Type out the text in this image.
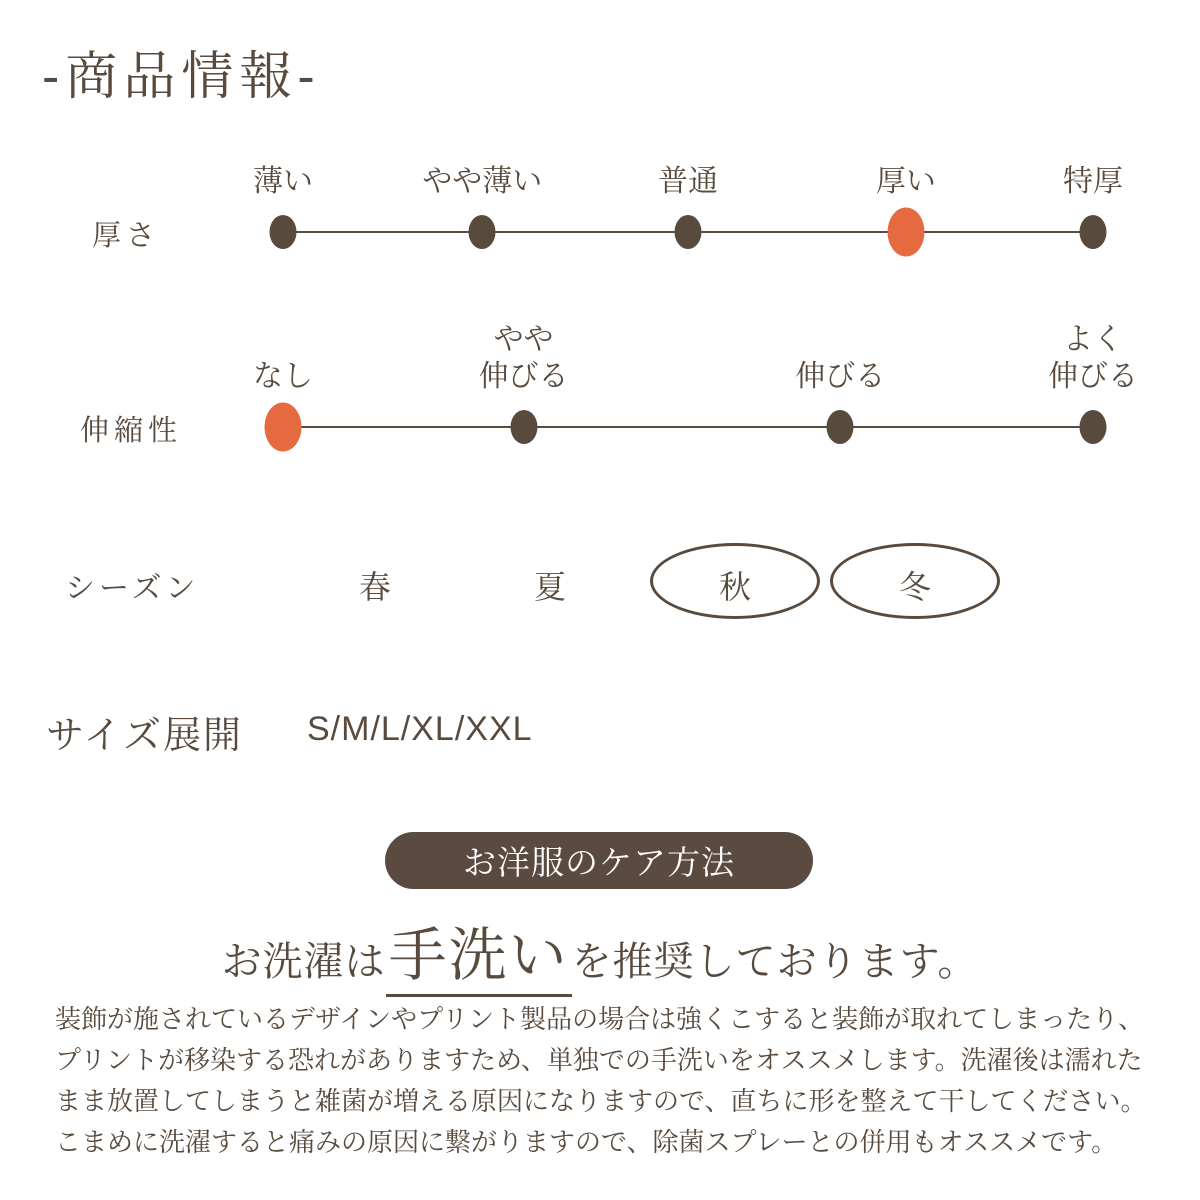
-商品情報-
厚さ
薄い	やや薄い	普通	厚い	特厚
伸縮性
なし
やや
伸びる	伸びる
よく
伸びる
シーズン	春	夏	秋	冬
サイズ展開 S/M/L/XL/XXL
お洋服のケア方法
お洗濯は 手洗い を推奨しております。
装飾が施されているデザインやプリント製品の場合は強くこすると装飾が取れてしまったり、
プリントが移染する恐れがありますため、単独での手洗いをオススメします。洗濯後は濡れた
まま放置してしまうと雑菌が増える原因になりますので、直ちに形を整えて干してください。
こまめに洗濯すると痛みの原因に繋がりますので、除菌スプレーとの併用もオススメです。
